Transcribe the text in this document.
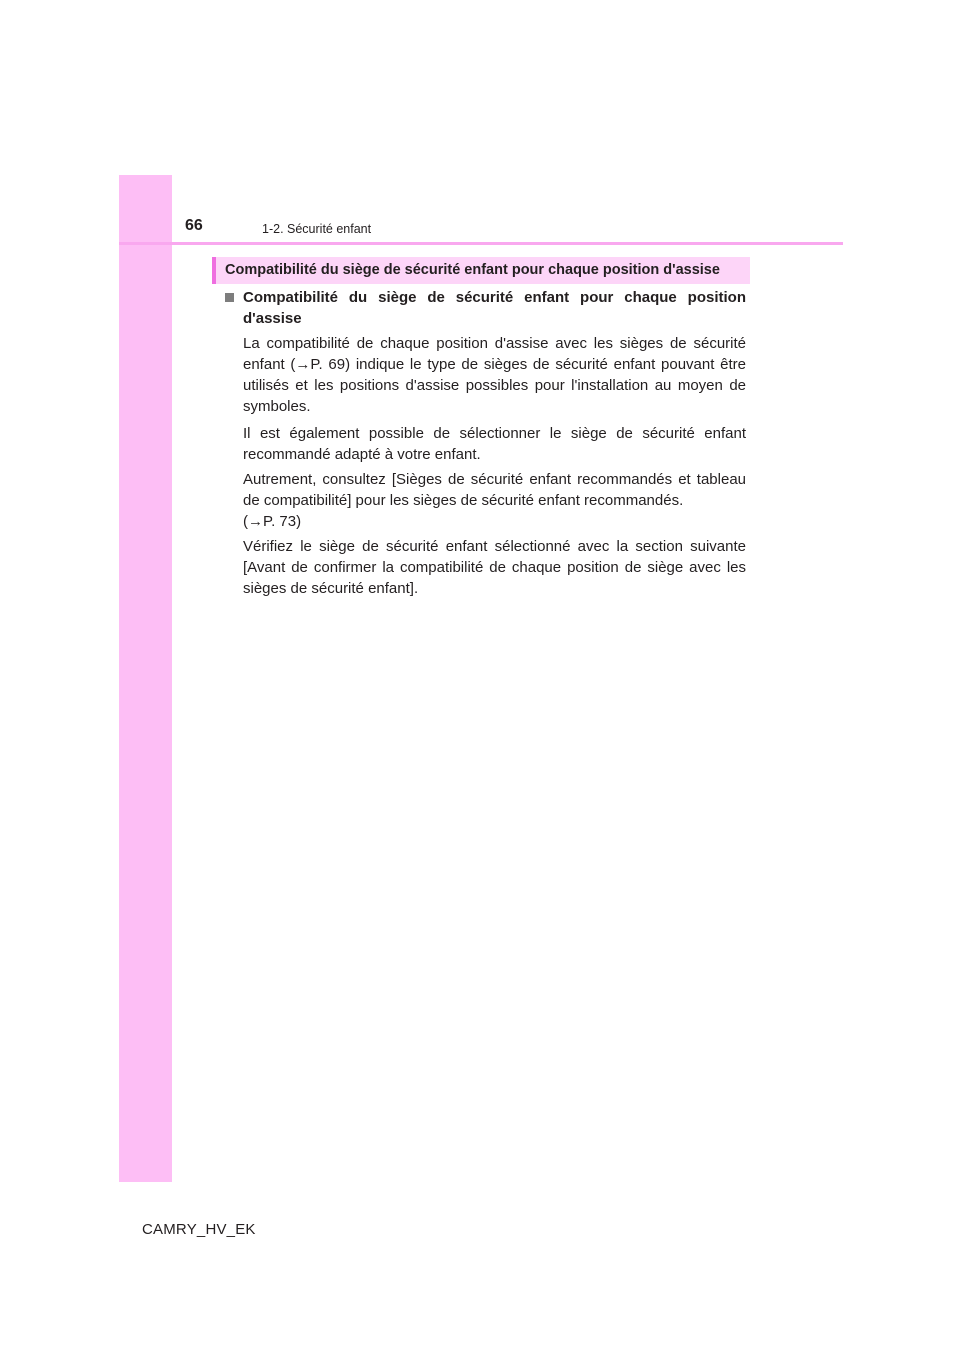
66	1-2. Sécurité enfant
Compatibilité du siège de sécurité enfant pour chaque position d'assise
Compatibilité du siège de sécurité enfant pour chaque position d'assise

La compatibilité de chaque position d'assise avec les sièges de sécurité
enfant (→P. 69) indique le type de sièges de sécurité enfant pouvant être
utilisés et les positions d'assise possibles pour l'installation au moyen de
symboles.

Il est également possible de sélectionner le siège de sécurité enfant
recommandé adapté à votre enfant.

Autrement, consultez [Sièges de sécurité enfant recommandés et tableau
de compatibilité] pour les sièges de sécurité enfant recommandés.
(→P. 73)

Vérifiez le siège de sécurité enfant sélectionné avec la section suivante
[Avant de confirmer la compatibilité de chaque position de siège avec les
sièges de sécurité enfant].

CAMRY_HV_EK
